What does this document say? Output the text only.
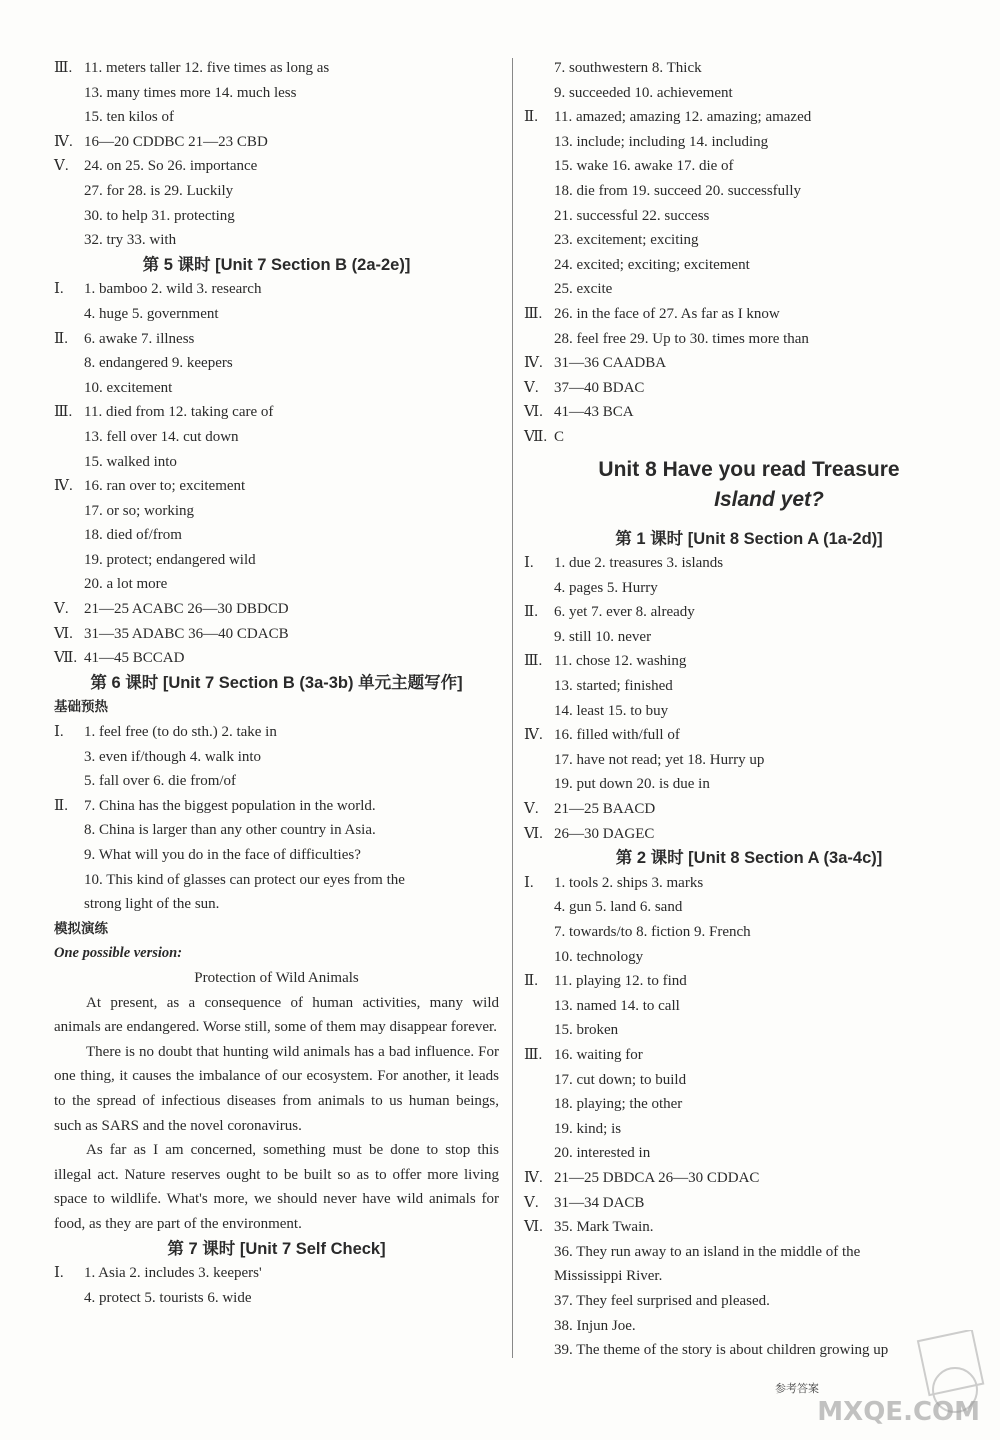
Ⅲ. 11. meters taller 12. five times as long as
13. many times more 14. much less
15. ten kilos of
Ⅳ. 16—20 CDDBC 21—23 CBD
Ⅴ. 24. on 25. So 26. importance
27. for 28. is 29. Luckily
30. to help 31. protecting
32. try 33. with
第 5 课时 [Unit 7 Section B (2a-2e)]
Ⅰ. 1. bamboo 2. wild 3. research
4. huge 5. government
Ⅱ. 6. awake 7. illness
8. endangered 9. keepers
10. excitement
Ⅲ. 11. died from 12. taking care of
13. fell over 14. cut down
15. walked into
Ⅳ. 16. ran over to; excitement
17. or so; working
18. died of/from
19. protect; endangered wild
20. a lot more
Ⅴ. 21—25 ACABC 26—30 DBDCD
Ⅵ. 31—35 ADABC 36—40 CDACB
Ⅶ. 41—45 BCCAD
第 6 课时 [Unit 7 Section B (3a-3b) 单元主题写作]
基础预热
Ⅰ. 1. feel free (to do sth.) 2. take in
3. even if/though 4. walk into
5. fall over 6. die from/of
Ⅱ. 7. China has the biggest population in the world.
8. China is larger than any other country in Asia.
9. What will you do in the face of difficulties?
10. This kind of glasses can protect our eyes from the
strong light of the sun.
模拟演练
One possible version:
Protection of Wild Animals

At present, as a consequence of human activities, many wild animals are endangered. Worse still, some of them may disappear forever.

There is no doubt that hunting wild animals has a bad influence. For one thing, it causes the imbalance of our ecosystem. For another, it leads to the spread of infectious diseases from animals to us human beings, such as SARS and the novel coronavirus.

As far as I am concerned, something must be done to stop this illegal act. Nature reserves ought to be built so as to offer more living space to wildlife. What's more, we should never have wild animals for food, as they are part of the environment.

第 7 课时 [Unit 7 Self Check]
Ⅰ. 1. Asia 2. includes 3. keepers'
4. protect 5. tourists 6. wide
7. southwestern 8. Thick
9. succeeded 10. achievement
Ⅱ. 11. amazed; amazing 12. amazing; amazed
13. include; including 14. including
15. wake 16. awake 17. die of
18. die from 19. succeed 20. successfully
21. successful 22. success
23. excitement; exciting
24. excited; exciting; excitement
25. excite
Ⅲ. 26. in the face of 27. As far as I know
28. feel free 29. Up to 30. times more than
Ⅳ. 31—36 CAADBA
Ⅴ. 37—40 BDAC
Ⅵ. 41—43 BCA
Ⅶ. C
Unit 8 Have you read Treasure
Island yet?
第 1 课时 [Unit 8 Section A (1a-2d)]
Ⅰ. 1. due 2. treasures 3. islands
4. pages 5. Hurry
Ⅱ. 6. yet 7. ever 8. already
9. still 10. never
Ⅲ. 11. chose 12. washing
13. started; finished
14. least 15. to buy
Ⅳ. 16. filled with/full of
17. have not read; yet 18. Hurry up
19. put down 20. is due in
Ⅴ. 21—25 BAACD
Ⅵ. 26—30 DAGEC
第 2 课时 [Unit 8 Section A (3a-4c)]
Ⅰ. 1. tools 2. ships 3. marks
4. gun 5. land 6. sand
7. towards/to 8. fiction 9. French
10. technology
Ⅱ. 11. playing 12. to find
13. named 14. to call
15. broken
Ⅲ. 16. waiting for
17. cut down; to build
18. playing; the other
19. kind; is
20. interested in
Ⅳ. 21—25 DBDCA 26—30 CDDAC
Ⅴ. 31—34 DACB
Ⅵ. 35. Mark Twain.
36. They run away to an island in the middle of the
Mississippi River.
37. They feel surprised and pleased.
38. Injun Joe.
39. The theme of the story is about children growing up
参考答案
MXQE.COM
